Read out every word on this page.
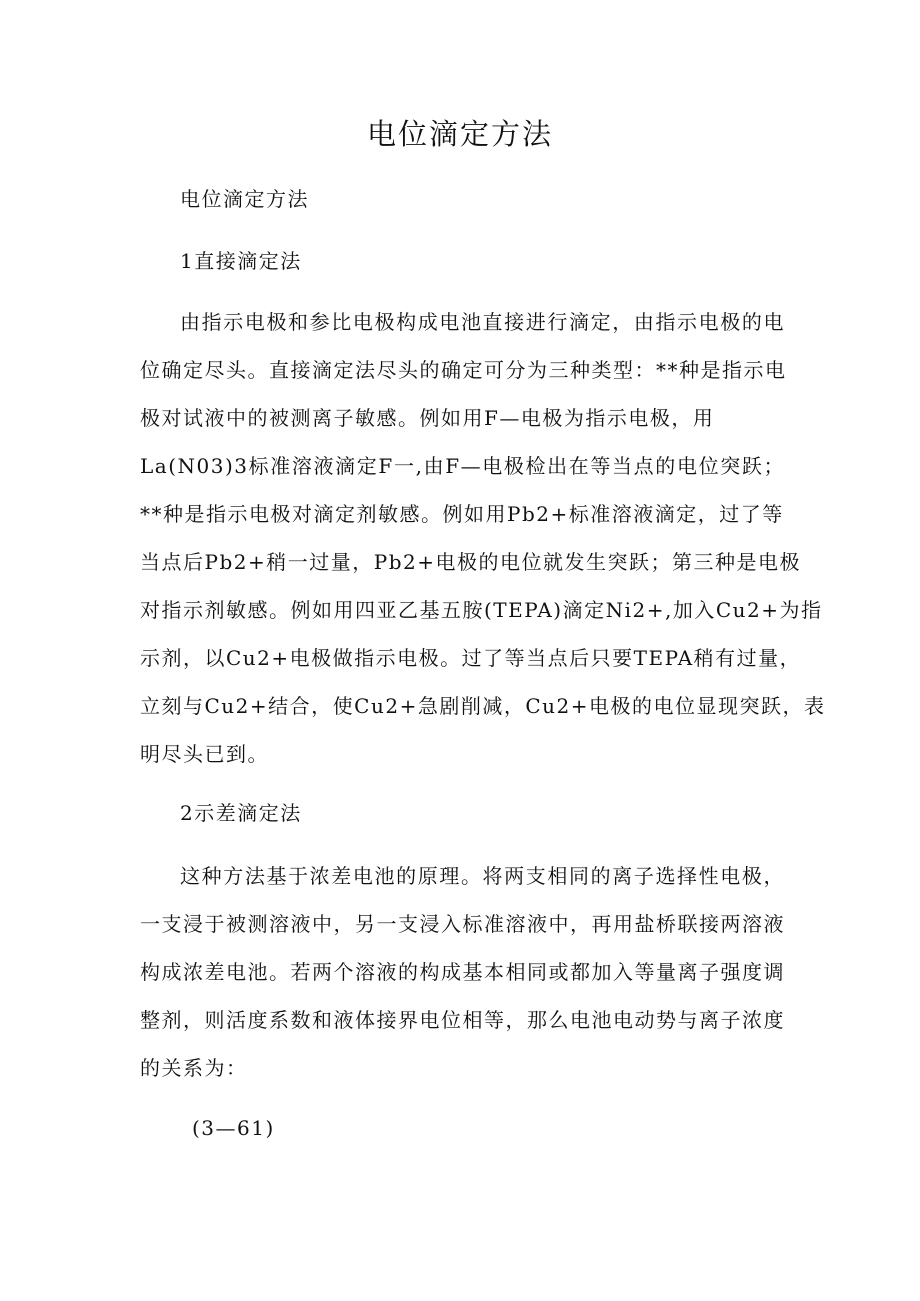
电位滴定方法
电位滴定方法
1直接滴定法
由指示电极和参比电极构成电池直接进行滴定，由指示电极的电
位确定尽头。直接滴定法尽头的确定可分为三种类型：**种是指示电
极对试液中的被测离子敏感。例如用F—电极为指示电极，用
La(N03)3标准溶液滴定F一,由F—电极检出在等当点的电位突跃；
**种是指示电极对滴定剂敏感。例如用Pb2+标准溶液滴定，过了等
当点后Pb2+稍一过量，Pb2+电极的电位就发生突跃；第三种是电极
对指示剂敏感。例如用四亚乙基五胺(TEPA)滴定Ni2+,加入Cu2+为指
示剂，以Cu2+电极做指示电极。过了等当点后只要TEPA稍有过量，
立刻与Cu2+结合，使Cu2+急剧削减，Cu2+电极的电位显现突跃，表
明尽头已到。
2示差滴定法
这种方法基于浓差电池的原理。将两支相同的离子选择性电极，
一支浸于被测溶液中，另一支浸入标准溶液中，再用盐桥联接两溶液
构成浓差电池。若两个溶液的构成基本相同或都加入等量离子强度调
整剂，则活度系数和液体接界电位相等，那么电池电动势与离子浓度
的关系为：
(3—61)
